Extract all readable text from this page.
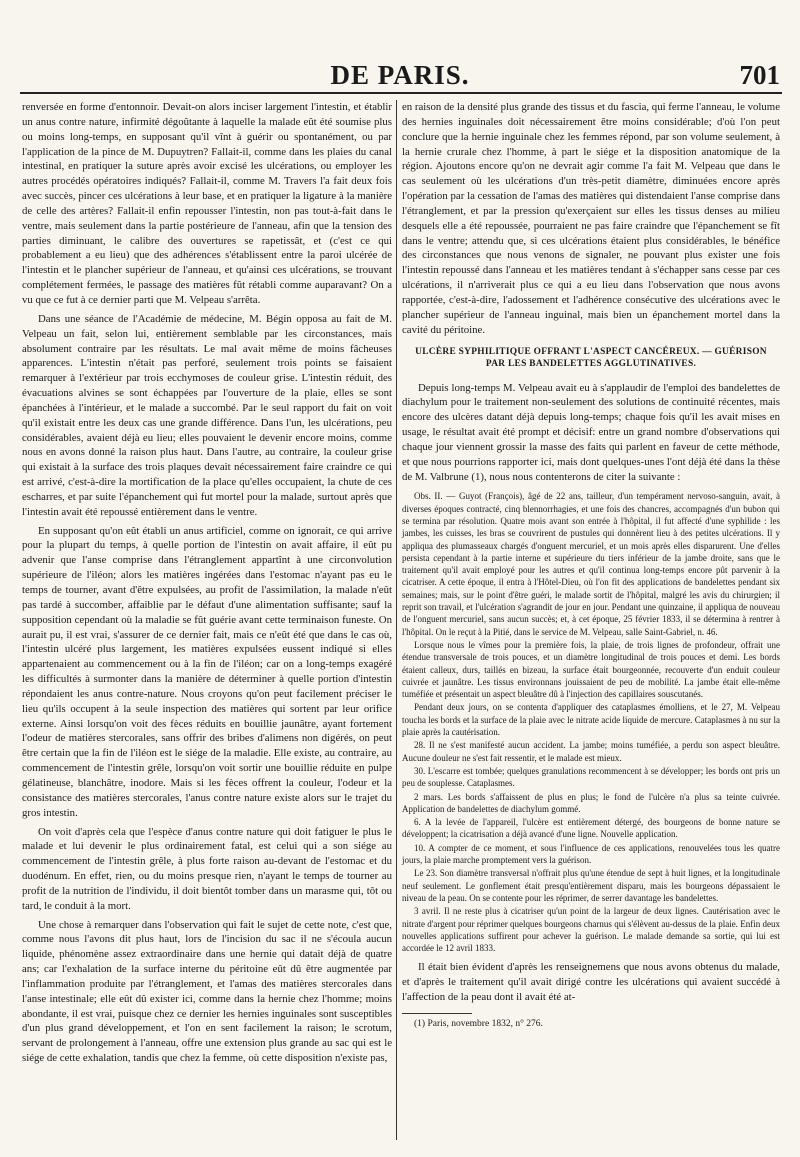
DE PARIS.	701

renversée en forme d'entonnoir. Devait-on alors inciser largement l'intestin, et établir un anus contre nature, infirmité dégoûtante à laquelle la malade eût été soumise plus ou moins long-temps, en supposant qu'il vînt à guérir ou spontanément, ou par l'application de la pince de M. Dupuytren? Fallait-il, comme dans les plaies du canal intestinal, en pratiquer la suture après avoir excisé les ulcérations, ou employer les autres procédés opératoires indiqués? Fallait-il, comme M. Travers l'a fait deux fois avec succès, pincer ces ulcérations à leur base, et en pratiquer la ligature à la manière de celle des artères? Fallait-il enfin repousser l'intestin, non pas tout-à-fait dans le ventre, mais seulement dans la partie postérieure de l'anneau, afin que la tension des parties diminuant, le calibre des ouvertures se rapetissât, et (c'est ce qui probablement a eu lieu) que des adhérences s'établissent entre la paroi ulcérée de l'intestin et le plancher supérieur de l'anneau, et qu'ainsi ces ulcérations, se trouvant complétement fermées, le passage des matières fût rétabli comme auparavant? On a vu que ce fut à ce dernier parti que M. Velpeau s'arrêta.

Dans une séance de l'Académie de médecine, M. Bégin opposa au fait de M. Velpeau un fait, selon lui, entièrement semblable par les circonstances, mais absolument contraire par les résultats. Le mal avait même de moins fâcheuses apparences. L'intestin n'était pas perforé, seulement trois points se faisaient remarquer à l'extérieur par trois ecchymoses de couleur grise. L'intestin réduit, des évacuations alvines se sont échappées par l'ouverture de la plaie, elles se sont épanchées à l'intérieur, et le malade a succombé. Par le seul rapport du fait on voit qu'il existait entre les deux cas une grande différence. Dans l'un, les ulcérations, peu considérables, avaient déjà eu lieu; elles pouvaient le devenir encore moins, comme nous en avons donné la raison plus haut. Dans l'autre, au contraire, la couleur grise qui existait à la surface des trois plaques devait nécessairement faire craindre ce qui est arrivé, c'est-à-dire la mortification de la place qu'elles occupaient, la chute de ces escharres, et par suite l'épanchement qui fut mortel pour la malade, surtout après que l'intestin avait été repoussé entièrement dans le ventre.

En supposant qu'on eût établi un anus artificiel, comme on ignorait, ce qui arrive pour la plupart du temps, à quelle portion de l'intestin on avait affaire, il eût pu advenir que l'anse comprise dans l'étranglement appartînt à une circonvolution supérieure de l'iléon; alors les matières ingérées dans l'estomac n'ayant pas eu le temps de tourner, avant d'être expulsées, au profit de l'assimilation, la malade n'eût pas tardé à succomber, affaiblie par le défaut d'une alimentation suffisante; sauf la supposition cependant où la maladie se fût guérie avant cette terminaison funeste. On aurait pu, il est vrai, s'assurer de ce dernier fait, mais ce n'eût été que dans le cas où, l'intestin ulcéré plus largement, les matières expulsées eussent indiqué si elles appartenaient au commencement ou à la fin de l'iléon; car on a long-temps exagéré les difficultés à surmonter dans la manière de déterminer à quelle portion d'intestin répondaient les anus contre-nature. Nous croyons qu'on peut facilement préciser le lieu qu'ils occupent à la seule inspection des matières qui sortent par leur orifice externe. Ainsi lorsqu'on voit des fèces réduits en bouillie jaunâtre, ayant fortement l'odeur de matières stercorales, sans offrir des bribes d'alimens non digérés, on peut être certain que la fin de l'iléon est le siége de la maladie. Elle existe, au contraire, au commencement de l'intestin grêle, lorsqu'on voit sortir une bouillie réduite en pulpe gélatineuse, blanchâtre, inodore. Mais si les fèces offrent la couleur, l'odeur et la consistance des matières stercorales, l'anus contre nature existe alors sur le trajet du gros intestin.

On voit d'après cela que l'espèce d'anus contre nature qui doit fatiguer le plus le malade et lui devenir le plus ordinairement fatal, est celui qui a son siége au commencement de l'intestin grêle, à plus forte raison au-devant de l'estomac et du duodénum. En effet, rien, ou du moins presque rien, n'ayant le temps de tourner au profit de la nutrition de l'individu, il doit bientôt tomber dans un marasme qui, tôt ou tard, le conduit à la mort.

Une chose à remarquer dans l'observation qui fait le sujet de cette note, c'est que, comme nous l'avons dit plus haut, lors de l'incision du sac il ne s'écoula aucun liquide, phénomène assez extraordinaire dans une hernie qui datait déjà de quatre ans; car l'exhalation de la surface interne du péritoine eût dû être augmentée par l'inflammation produite par l'étranglement, et l'amas des matières stercorales dans l'anse intestinale; elle eût dû exister ici, comme dans la hernie chez l'homme; moins abondante, il est vrai, puisque chez ce dernier les hernies inguinales sont susceptibles d'un plus grand développement, et l'on en sent facilement la raison; le scrotum, servant de prolongement à l'anneau, offre une extension plus grande au sac qui est le siége de cette exhalation, tandis que chez la femme, où cette disposition n'existe pas,

en raison de la densité plus grande des tissus et du fascia, qui ferme l'anneau, le volume des hernies inguinales doit nécessairement être moins considérable; d'où l'on peut conclure que la hernie inguinale chez les femmes répond, par son volume seulement, à la hernie crurale chez l'homme, à part le siége et la disposition anatomique de la région. Ajoutons encore qu'on ne devrait agir comme l'a fait M. Velpeau que dans le cas seulement où les ulcérations d'un très-petit diamètre, diminuées encore après l'opération par la cessation de l'amas des matières qui distendaient l'anse comprise dans l'étranglement, et par la pression qu'exerçaient sur elles les tissus denses au milieu desquels elle a été repoussée, pourraient ne pas faire craindre que l'épanchement se fît dans le ventre; attendu que, si ces ulcérations étaient plus considérables, le bénéfice des circonstances que nous venons de signaler, ne pouvant plus exister une fois l'intestin repoussé dans l'anneau et les matières tendant à s'échapper sans cesse par ces ulcérations, il n'arriverait plus ce qui a eu lieu dans l'observation que nous avons rapportée, c'est-à-dire, l'adossement et l'adhérence consécutive des ulcérations avec le plancher supérieur de l'anneau inguinal, mais bien un épanchement mortel dans la cavité du péritoine.

ULCÈRE SYPHILITIQUE OFFRANT L'ASPECT CANCÉREUX. — GUÉRISON
PAR LES BANDELETTES AGGLUTINATIVES.

Depuis long-temps M. Velpeau avait eu à s'applaudir de l'emploi des bandelettes de diachylum pour le traitement non-seulement des solutions de continuité récentes, mais encore des ulcères datant déjà depuis long-temps; chaque fois qu'il les avait mises en usage, le résultat avait été prompt et décisif: entre un grand nombre d'observations qui chaque jour viennent grossir la masse des faits qui parlent en faveur de cette méthode, et que nous pourrions rapporter ici, mais dont quelques-unes l'ont déjà été dans la thèse de M. Valbrune (1), nous nous contenterons de citer la suivante :

Obs. II. — Guyot (François), âgé de 22 ans, tailleur, d'un tempérament nervoso-sanguin, avait, à diverses époques contracté, cinq blennorrhagies, et une fois des chancres, accompagnés d'un bubon qui se termina par résolution. Quatre mois avant son entrée à l'hôpital, il fut affecté d'une syphilide : les jambes, les cuisses, les bras se couvrirent de pustules qui donnèrent lieu à des petites ulcérations. Il y appliqua des plumasseaux chargés d'onguent mercuriel, et un mois après elles disparurent. Une d'elles persista cependant à la partie interne et supérieure du tiers inférieur de la jambe droite, sans que le traitement qu'il avait employé pour les autres et qu'il continua long-temps encore pût parvenir à la cicatriser. A cette époque, il entra à l'Hôtel-Dieu, où l'on fit des applications de bandelettes pendant six semaines; mais, sur le point d'être guéri, le malade sortit de l'hôpital, malgré les avis du chirurgien; il reprit son travail, et l'ulcération s'agrandit de jour en jour. Pendant une quinzaine, il appliqua de nouveau de l'onguent mercuriel, sans aucun succès; et, à cet époque, 25 février 1833, il se détermina à rentrer à l'hôpital. On le reçut à la Pitié, dans le service de M. Velpeau, salle Saint-Gabriel, n. 46.

Lorsque nous le vîmes pour la première fois, la plaie, de trois lignes de profondeur, offrait une étendue transversale de trois pouces, et un diamètre longitudinal de trois pouces et demi. Les bords étaient calleux, durs, taillés en bizeau, la surface était bourgeonnée, recouverte d'un enduit couleur cuivrée et jaunâtre. Les tissus environnans jouissaient de peu de mobilité. La jambe était elle-même tuméfiée et présentait un aspect bleuâtre dû à l'injection des capillaires souscutanés.

Pendant deux jours, on se contenta d'appliquer des cataplasmes émolliens, et le 27, M. Velpeau toucha les bords et la surface de la plaie avec le nitrate acide liquide de mercure. Cataplasmes à nu sur la plaie après la cautérisation.

28. Il ne s'est manifesté aucun accident. La jambe; moins tuméfiée, a perdu son aspect bleuâtre. Aucune douleur ne s'est fait ressentir, et le malade est mieux.

30. L'escarre est tombée; quelques granulations recommencent à se développer; les bords ont pris un peu de souplesse. Cataplasmes.

2 mars. Les bords s'affaissent de plus en plus; le fond de l'ulcère n'a plus sa teinte cuivrée. Application de bandelettes de diachylum gommé.

6. A la levée de l'appareil, l'ulcère est entièrement détergé, des bourgeons de bonne nature se développent; la cicatrisation a déjà avancé d'une ligne. Nouvelle application.

10. A compter de ce moment, et sous l'influence de ces applications, renouvelées tous les quatre jours, la plaie marche promptement vers la guérison.

Le 23. Son diamètre transversal n'offrait plus qu'une étendue de sept à huit lignes, et la longitudinale neuf seulement. Le gonflement était presqu'entièrement disparu, mais les bourgeons dépassaient le niveau de la peau. On se contente pour les réprimer, de serrer davantage les bandelettes.

3 avril. Il ne reste plus à cicatriser qu'un point de la largeur de deux lignes. Cautérisation avec le nitrate d'argent pour réprimer quelques bourgeons charnus qui s'élèvent au-dessus de la plaie. Enfin deux nouvelles applications suffirent pour achever la guérison. Le malade demande sa sortie, qui lui est accordée le 12 avril 1833.

Il était bien évident d'après les renseignemens que nous avons obtenus du malade, et d'après le traitement qu'il avait dirigé contre les ulcérations qui avaient succédé à l'affection de la peau dont il avait été at-

(1) Paris, novembre 1832, n° 276.
